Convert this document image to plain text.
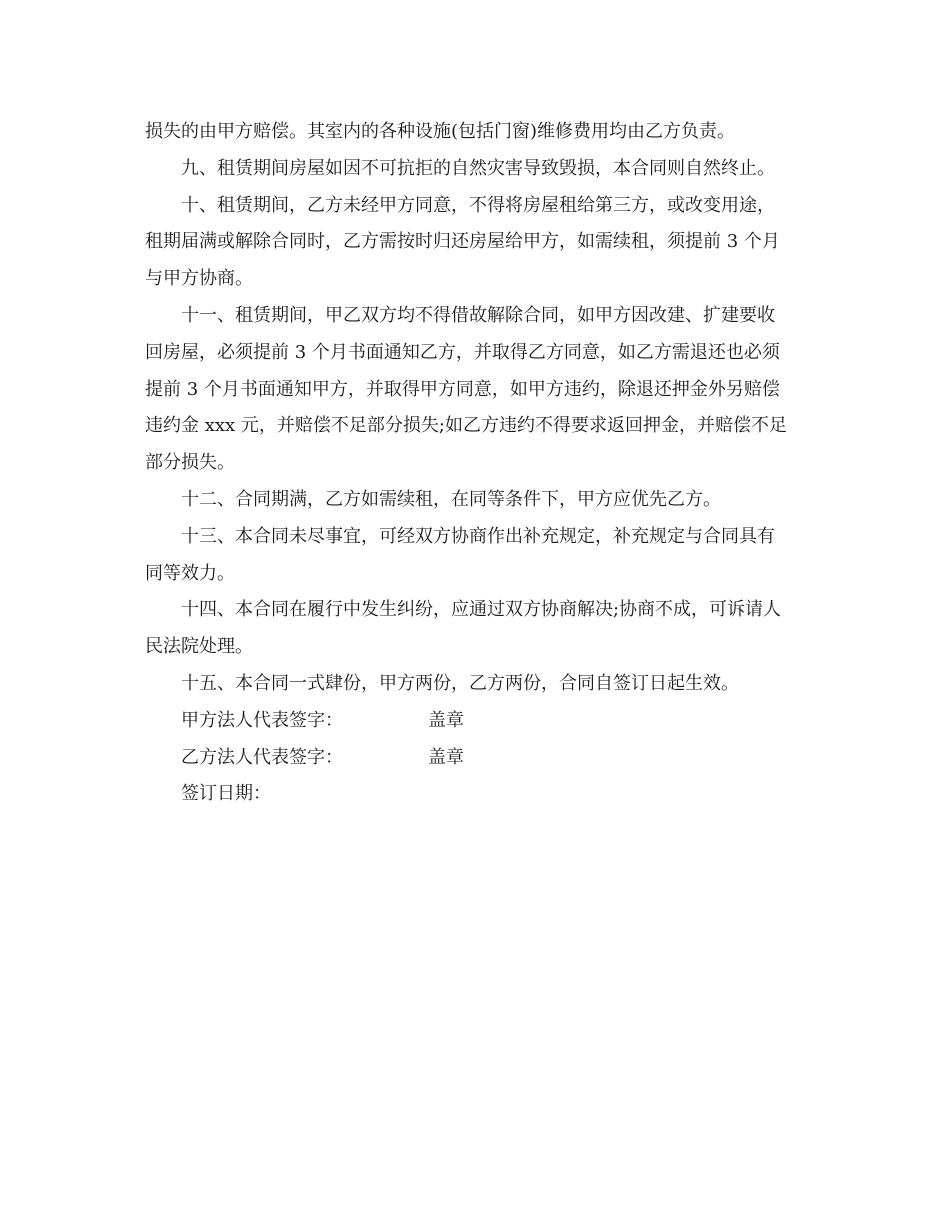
损失的由甲方赔偿。其室内的各种设施(包括门窗)维修费用均由乙方负责。
九、租赁期间房屋如因不可抗拒的自然灾害导致毁损，本合同则自然终止。
十、租赁期间，乙方未经甲方同意，不得将房屋租给第三方，或改变用途，
租期届满或解除合同时，乙方需按时归还房屋给甲方，如需续租，须提前 3 个月
与甲方协商。
十一、租赁期间，甲乙双方均不得借故解除合同，如甲方因改建、扩建要收
回房屋，必须提前 3 个月书面通知乙方，并取得乙方同意，如乙方需退还也必须
提前 3 个月书面通知甲方，并取得甲方同意，如甲方违约，除退还押金外另赔偿
违约金 xxx 元，并赔偿不足部分损失;如乙方违约不得要求返回押金，并赔偿不足
部分损失。
十二、合同期满，乙方如需续租，在同等条件下，甲方应优先乙方。
十三、本合同未尽事宜，可经双方协商作出补充规定，补充规定与合同具有
同等效力。
十四、本合同在履行中发生纠纷，应通过双方协商解决;协商不成，可诉请人
民法院处理。
十五、本合同一式肆份，甲方两份，乙方两份，合同自签订日起生效。
甲方法人代表签字：	盖章
乙方法人代表签字：	盖章
签订日期：
